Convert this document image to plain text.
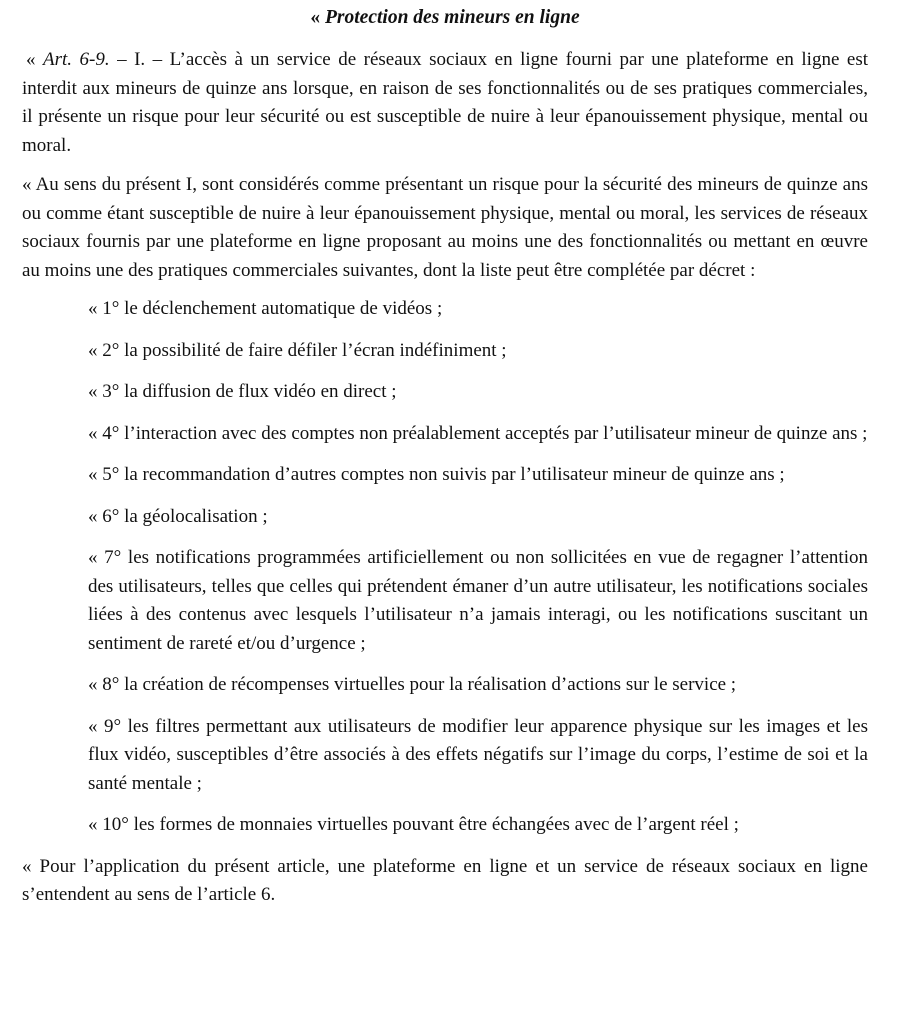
« Protection des mineurs en ligne

« Art. 6-9. – I. – L’accès à un service de réseaux sociaux en ligne fourni par une plateforme en ligne est interdit aux mineurs de quinze ans lorsque, en raison de ses fonctionnalités ou de ses pratiques commerciales, il présente un risque pour leur sécurité ou est susceptible de nuire à leur épanouissement physique, mental ou moral.

« Au sens du présent I, sont considérés comme présentant un risque pour la sécurité des mineurs de quinze ans ou comme étant susceptible de nuire à leur épanouissement physique, mental ou moral, les services de réseaux sociaux fournis par une plateforme en ligne proposant au moins une des fonctionnalités ou mettant en œuvre au moins une des pratiques commerciales suivantes, dont la liste peut être complétée par décret :

« 1° le déclenchement automatique de vidéos ;
« 2° la possibilité de faire défiler l’écran indéfiniment ;
« 3° la diffusion de flux vidéo en direct ;
« 4° l’interaction avec des comptes non préalablement acceptés par l’utilisateur mineur de quinze ans ;
« 5° la recommandation d’autres comptes non suivis par l’utilisateur mineur de quinze ans ;
« 6° la géolocalisation ;
« 7° les notifications programmées artificiellement ou non sollicitées en vue de regagner l’attention des utilisateurs, telles que celles qui prétendent émaner d’un autre utilisateur, les notifications sociales liées à des contenus avec lesquels l’utilisateur n’a jamais interagi, ou les notifications suscitant un sentiment de rareté et/ou d’urgence ;
« 8° la création de récompenses virtuelles pour la réalisation d’actions sur le service ;
« 9° les filtres permettant aux utilisateurs de modifier leur apparence physique sur les images et les flux vidéo, susceptibles d’être associés à des effets négatifs sur l’image du corps, l’estime de soi et la santé mentale ;
« 10° les formes de monnaies virtuelles pouvant être échangées avec de l’argent réel ;

« Pour l’application du présent article, une plateforme en ligne et un service de réseaux sociaux en ligne s’entendent au sens de l’article 6.
